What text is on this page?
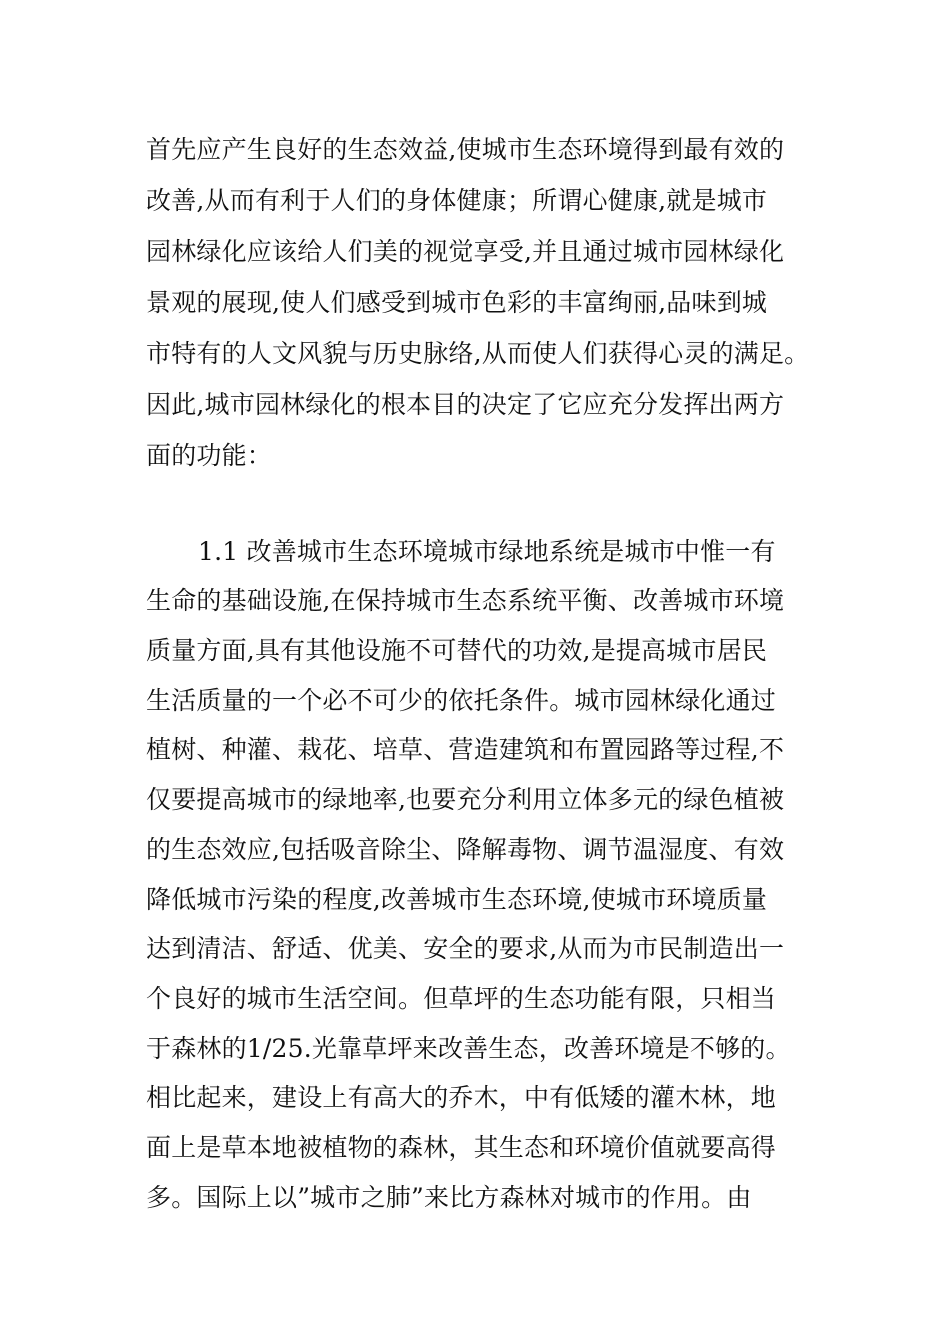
首先应产生良好的生态效益,使城市生态环境得到最有效的
改善,从而有利于人们的身体健康；所谓心健康,就是城市
园林绿化应该给人们美的视觉享受,并且通过城市园林绿化
景观的展现,使人们感受到城市色彩的丰富绚丽,品味到城
市特有的人文风貌与历史脉络,从而使人们获得心灵的满足。
因此,城市园林绿化的根本目的决定了它应充分发挥出两方
面的功能：
1.1 改善城市生态环境城市绿地系统是城市中惟一有
生命的基础设施,在保持城市生态系统平衡、改善城市环境
质量方面,具有其他设施不可替代的功效,是提高城市居民
生活质量的一个必不可少的依托条件。城市园林绿化通过
植树、种灌、栽花、培草、营造建筑和布置园路等过程,不
仅要提高城市的绿地率,也要充分利用立体多元的绿色植被
的生态效应,包括吸音除尘、降解毒物、调节温湿度、有效
降低城市污染的程度,改善城市生态环境,使城市环境质量
达到清洁、舒适、优美、安全的要求,从而为市民制造出一
个良好的城市生活空间。但草坪的生态功能有限，只相当
于森林的1/25.光靠草坪来改善生态，改善环境是不够的。
相比起来，建设上有高大的乔木，中有低矮的灌木林，地
面上是草本地被植物的森林，其生态和环境价值就要高得
多。国际上以”城市之肺”来比方森林对城市的作用。由
